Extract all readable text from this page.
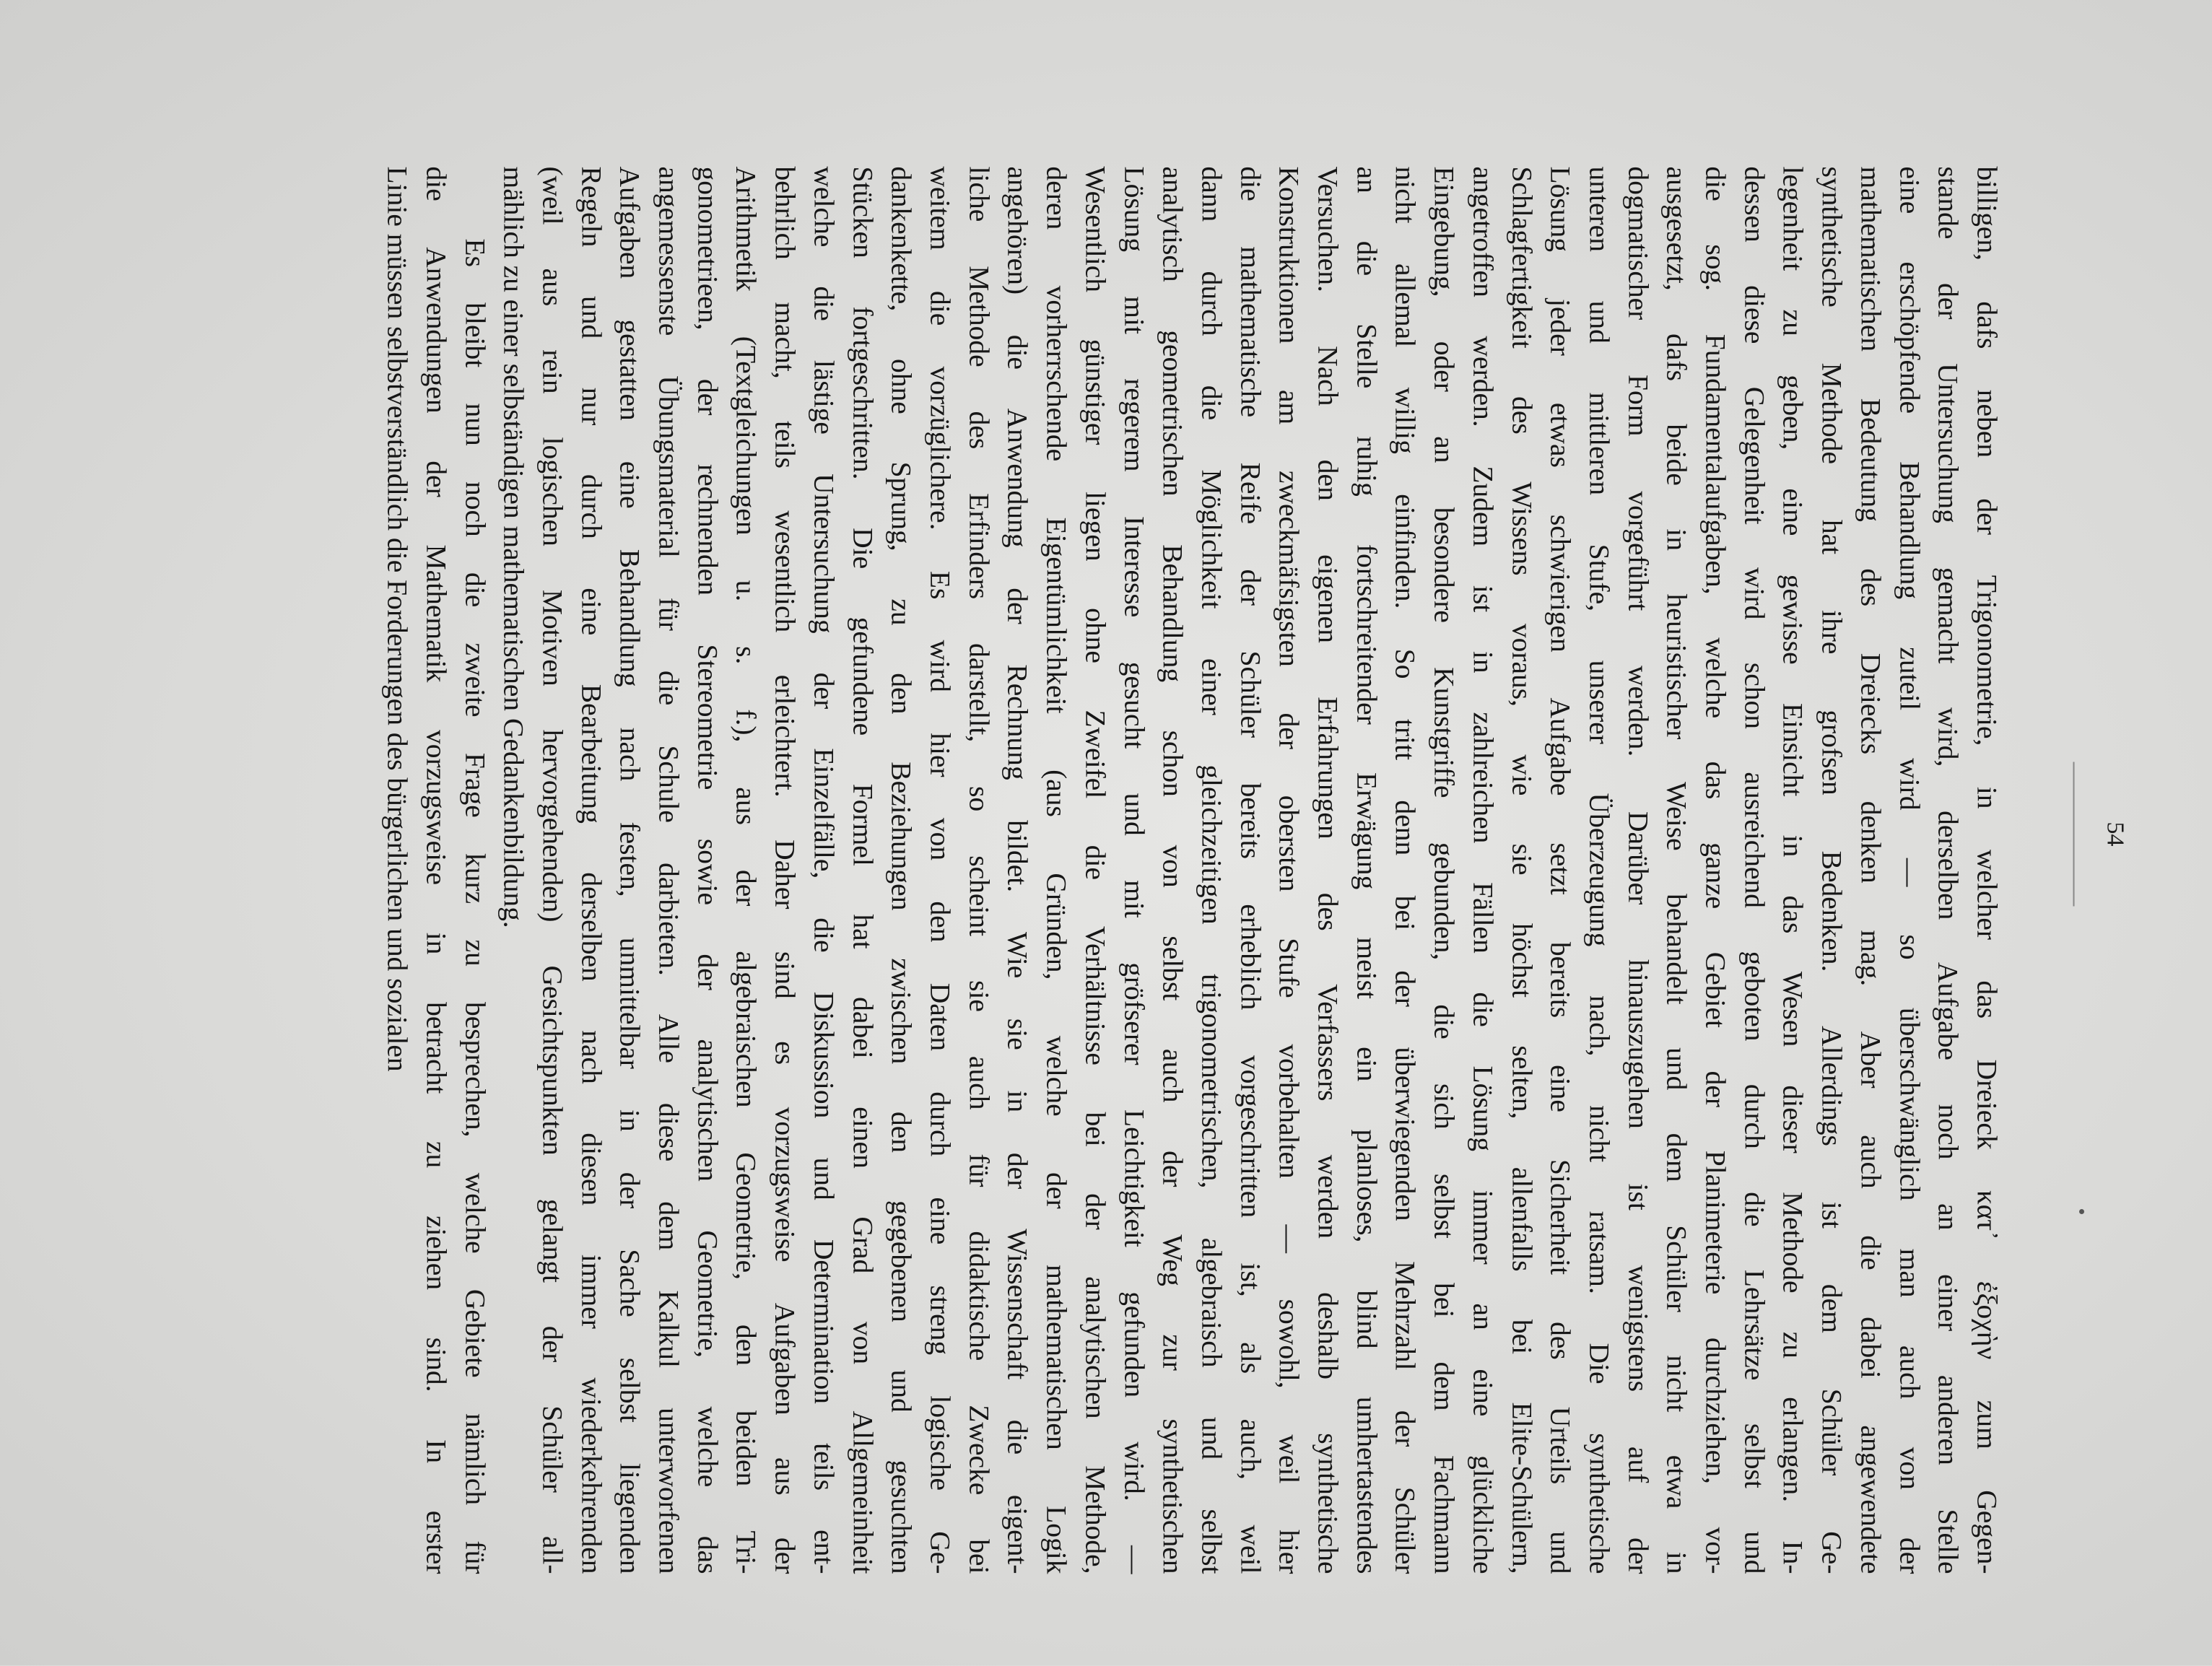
54
billigen, dafs neben der Trigonometrie, in welcher das Dreieck κατ᾽ ἐξοχὴν zum Gegen-
stande der Untersuchung gemacht wird, derselben Aufgabe noch an einer anderen Stelle
eine erschöpfende Behandlung zuteil wird — so überschwänglich man auch von der
mathematischen Bedeutung des Dreiecks denken mag. Aber auch die dabei angewendete
synthetische Methode hat ihre grofsen Bedenken. Allerdings ist dem Schüler Ge-
legenheit zu geben, eine gewisse Einsicht in das Wesen dieser Methode zu erlangen. In-
dessen diese Gelegenheit wird schon ausreichend geboten durch die Lehrsätze selbst und
die sog. Fundamentalaufgaben, welche das ganze Gebiet der Planimeterie durchziehen, vor-
ausgesetzt, dafs beide in heuristischer Weise behandelt und dem Schüler nicht etwa in
dogmatischer Form vorgeführt werden. Darüber hinauszugehen ist wenigstens auf der
unteren und mittleren Stufe, unserer Überzeugung nach, nicht ratsam. Die synthetische
Lösung jeder etwas schwierigen Aufgabe setzt bereits eine Sicherheit des Urteils und
Schlagfertigkeit des Wissens voraus, wie sie höchst selten, allenfalls bei Elite-Schülern,
angetroffen werden. Zudem ist in zahlreichen Fällen die Lösung immer an eine glückliche
Eingebung, oder an besondere Kunstgriffe gebunden, die sich selbst bei dem Fachmann
nicht allemal willig einfinden. So tritt denn bei der überwiegenden Mehrzahl der Schüler
an die Stelle ruhig fortschreitender Erwägung meist ein planloses, blind umhertastendes
Versuchen. Nach den eigenen Erfahrungen des Verfassers werden deshalb synthetische
Konstruktionen am zweckmäfsigsten der obersten Stufe vorbehalten — sowohl, weil hier
die mathematische Reife der Schüler bereits erheblich vorgeschritten ist, als auch, weil
dann durch die Möglichkeit einer gleichzeitigen trigonometrischen, algebraisch und selbst
analytisch geometrischen Behandlung schon von selbst auch der Weg zur synthetischen
Lösung mit regerem Interesse gesucht und mit gröfserer Leichtigkeit gefunden wird. —
Wesentlich günstiger liegen ohne Zweifel die Verhältnisse bei der analytischen Methode,
deren vorherrschende Eigentümlichkeit (aus Gründen, welche der mathematischen Logik
angehören) die Anwendung der Rechnung bildet. Wie sie in der Wissenschaft die eigent-
liche Methode des Erfinders darstellt, so scheint sie auch für didaktische Zwecke bei
weitem die vorzüglichere. Es wird hier von den Daten durch eine streng logische Ge-
dankenkette, ohne Sprung, zu den Beziehungen zwischen den gegebenen und gesuchten
Stücken fortgeschritten. Die gefundene Formel hat dabei einen Grad von Allgemeinheit
welche die lästige Untersuchung der Einzelfälle, die Diskussion und Determination teils ent-
behrlich macht, teils wesentlich erleichtert. Daher sind es vorzugsweise Aufgaben aus der
Arithmetik (Textgleichungen u. s. f.), aus der algebraischen Geometrie, den beiden Tri-
gonometrieen, der rechnenden Stereometrie sowie der analytischen Geometrie, welche das
angemessenste Übungsmaterial für die Schule darbieten. Alle diese dem Kalkul unterworfenen
Aufgaben gestatten eine Behandlung nach festen, unmittelbar in der Sache selbst liegenden
Regeln und nur durch eine Bearbeitung derselben nach diesen immer wiederkehrenden
(weil aus rein logischen Motiven hervorgehenden) Gesichtspunkten gelangt der Schüler all-
mählich zu einer selbständigen mathematischen Gedankenbildung.
Es bleibt nun noch die zweite Frage kurz zu besprechen, welche Gebiete nämlich für
die Anwendungen der Mathematik vorzugsweise in betracht zu ziehen sind. In erster
Linie müssen selbstverständlich die Forderungen des bürgerlichen und sozialen
